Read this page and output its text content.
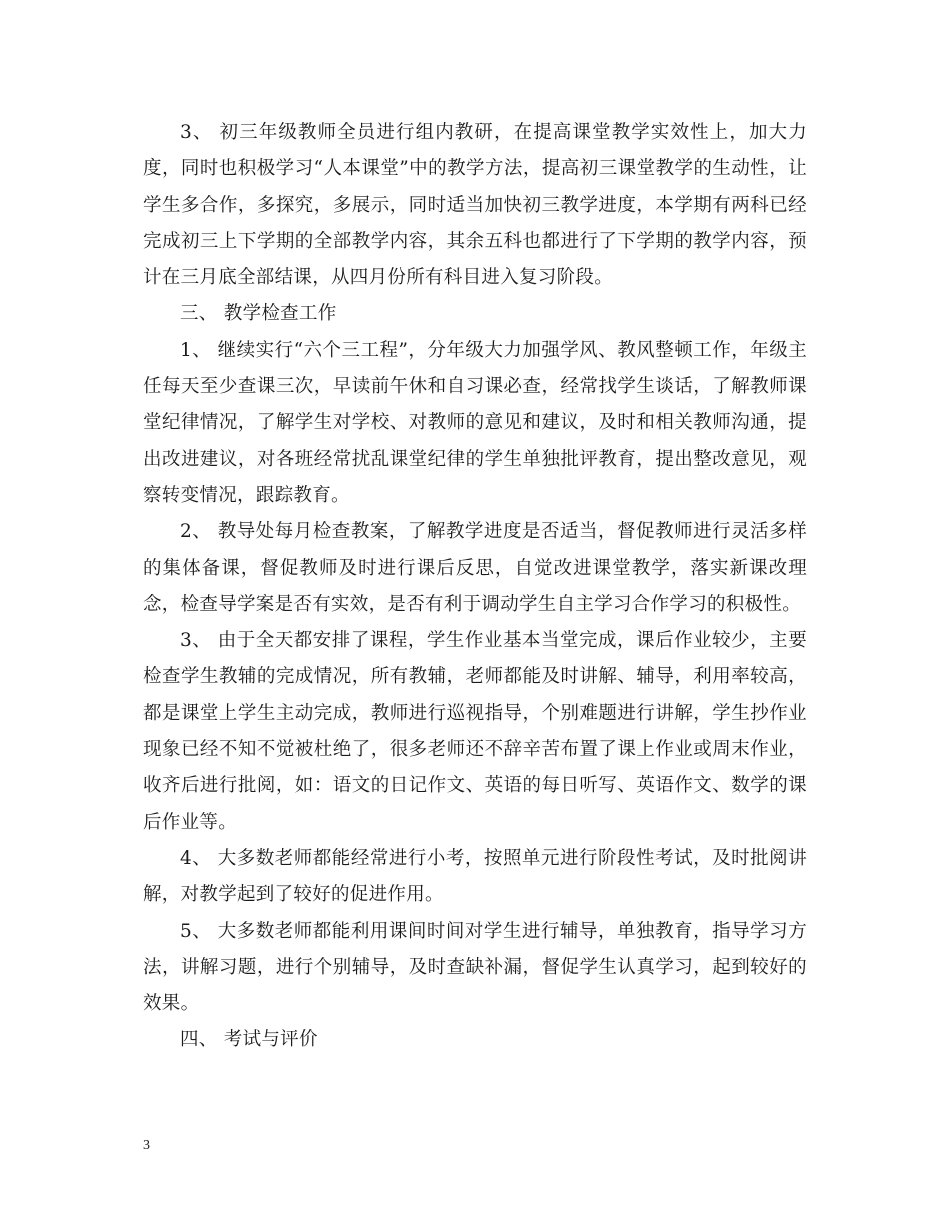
3、 初三年级教师全员进行组内教研，在提高课堂教学实效性上，加大力度，同时也积极学习“人本课堂”中的教学方法，提高初三课堂教学的生动性，让学生多合作，多探究，多展示，同时适当加快初三教学进度，本学期有两科已经完成初三上下学期的全部教学内容，其余五科也都进行了下学期的教学内容，预计在三月底全部结课，从四月份所有科目进入复习阶段。

三、 教学检查工作

1、 继续实行“六个三工程”，分年级大力加强学风、教风整顿工作，年级主任每天至少查课三次，早读前午休和自习课必查，经常找学生谈话，了解教师课堂纪律情况，了解学生对学校、对教师的意见和建议，及时和相关教师沟通，提出改进建议，对各班经常扰乱课堂纪律的学生单独批评教育，提出整改意见，观察转变情况，跟踪教育。

2、 教导处每月检查教案，了解教学进度是否适当，督促教师进行灵活多样的集体备课，督促教师及时进行课后反思，自觉改进课堂教学，落实新课改理念，检查导学案是否有实效，是否有利于调动学生自主学习合作学习的积极性。

3、 由于全天都安排了课程，学生作业基本当堂完成，课后作业较少，主要检查学生教辅的完成情况，所有教辅，老师都能及时讲解、辅导，利用率较高，都是课堂上学生主动完成，教师进行巡视指导，个别难题进行讲解，学生抄作业现象已经不知不觉被杜绝了，很多老师还不辞辛苦布置了课上作业或周末作业，收齐后进行批阅，如：语文的日记作文、英语的每日听写、英语作文、数学的课后作业等。

4、 大多数老师都能经常进行小考，按照单元进行阶段性考试，及时批阅讲解，对教学起到了较好的促进作用。

5、 大多数老师都能利用课间时间对学生进行辅导，单独教育，指导学习方法，讲解习题，进行个别辅导，及时查缺补漏，督促学生认真学习，起到较好的效果。

四、 考试与评价

3
